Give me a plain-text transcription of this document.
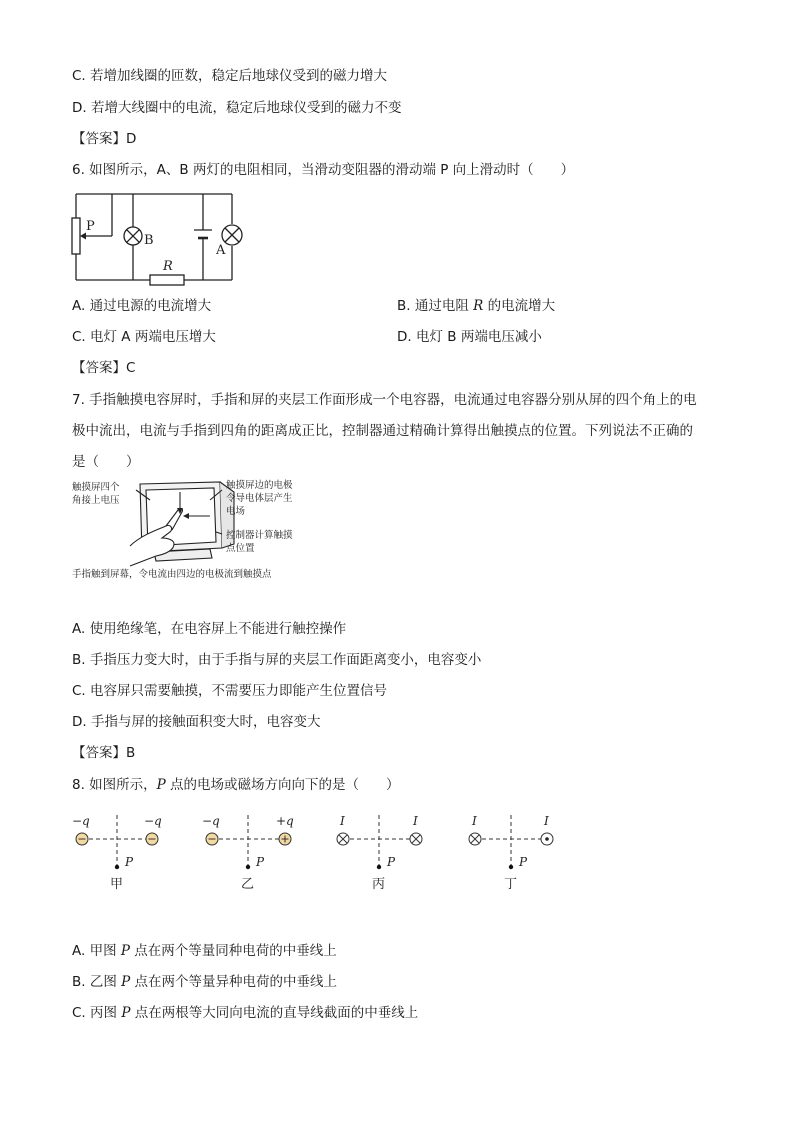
C. 若增加线圈的匝数，稳定后地球仪受到的磁力增大
D. 若增大线圈中的电流，稳定后地球仪受到的磁力不变
【答案】D
6. 如图所示，A、B 两灯的电阻相同，当滑动变阻器的滑动端 P 向上滑动时（　　）
P
B
A
R
A. 通过电源的电流增大	B. 通过电阻 R 的电流增大
C. 电灯 A 两端电压增大	D. 电灯 B 两端电压减小
【答案】C
7. 手指触摸电容屏时，手指和屏的夹层工作面形成一个电容器，电流通过电容器分别从屏的四个角上的电
极中流出，电流与手指到四角的距离成正比，控制器通过精确计算得出触摸点的位置。下列说法不正确的
是（　　）
触摸屏四个
角接上电压
触摸屏边的电极
令导电体层产生
电场
控制器计算触摸
点位置
手指触到屏幕，令电流由四边的电极流到触摸点
A. 使用绝缘笔，在电容屏上不能进行触控操作
B. 手指压力变大时，由于手指与屏的夹层工作面距离变小，电容变小
C. 电容屏只需要触摸，不需要压力即能产生位置信号
D. 手指与屏的接触面积变大时，电容变大
【答案】B
8. 如图所示，P 点的电场或磁场方向向下的是（　　）
−q	−q
P
甲
−q	+q
P
乙
I	I
P
丙
I	I
P
丁
A. 甲图 P 点在两个等量同种电荷的中垂线上
B. 乙图 P 点在两个等量异种电荷的中垂线上
C. 丙图 P 点在两根等大同向电流的直导线截面的中垂线上
